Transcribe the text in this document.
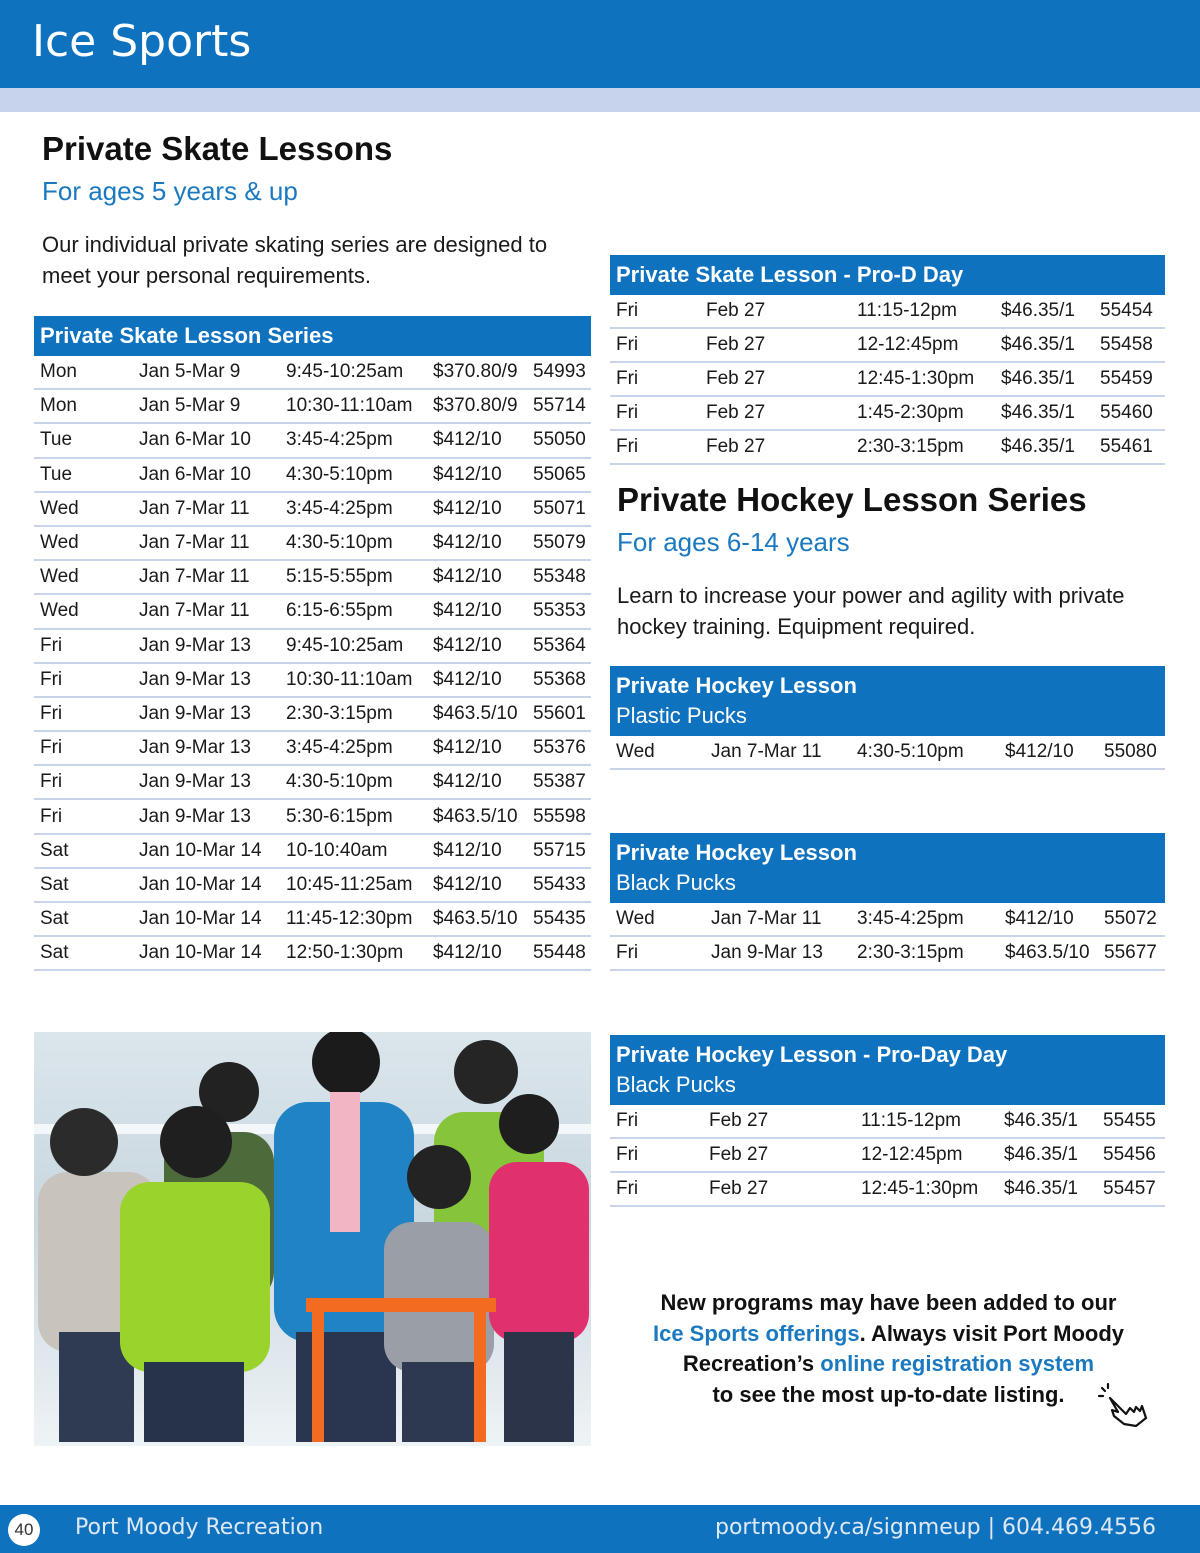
Ice Sports
Private Skate Lessons
For ages 5 years & up
Our individual private skating series are designed to meet your personal requirements.
Private Skate Lesson Series
Mon	Jan 5-Mar 9 9:45-10:25am $370.80/9 54993
Mon	Jan 5-Mar 9 10:30-11:10am $370.80/9 55714
Tue	Jan 6-Mar 10 3:45-4:25pm $412/10 55050
Tue	Jan 6-Mar 10 4:30-5:10pm $412/10 55065
Wed	Jan 7-Mar 11 3:45-4:25pm $412/10 55071
Wed	Jan 7-Mar 11 4:30-5:10pm $412/10 55079
Wed	Jan 7-Mar 11 5:15-5:55pm $412/10 55348
Wed	Jan 7-Mar 11 6:15-6:55pm $412/10 55353
Fri	Jan 9-Mar 13 9:45-10:25am $412/10 55364
Fri	Jan 9-Mar 13 10:30-11:10am $412/10 55368
Fri	Jan 9-Mar 13 2:30-3:15pm $463.5/10 55601
Fri	Jan 9-Mar 13 3:45-4:25pm $412/10 55376
Fri	Jan 9-Mar 13 4:30-5:10pm $412/10 55387
Fri	Jan 9-Mar 13 5:30-6:15pm $463.5/10 55598
Sat	Jan 10-Mar 14 10-10:40am $412/10 55715
Sat	Jan 10-Mar 14 10:45-11:25am $412/10 55433
Sat	Jan 10-Mar 14 11:45-12:30pm $463.5/10 55435
Sat	Jan 10-Mar 14 12:50-1:30pm $412/10 55448
Private Skate Lesson - Pro-D Day
Fri	Feb 27	11:15-12pm $46.35/1 55454
Fri	Feb 27	12-12:45pm $46.35/1 55458
Fri	Feb 27	12:45-1:30pm $46.35/1 55459
Fri	Feb 27	1:45-2:30pm $46.35/1 55460
Fri	Feb 27	2:30-3:15pm $46.35/1 55461
Private Hockey Lesson Series
For ages 6-14 years
Learn to increase your power and agility with private hockey training. Equipment required.
Private Hockey Lesson
Plastic Pucks
Wed	Jan 7-Mar 11 4:30-5:10pm $412/10 55080
Private Hockey Lesson
Black Pucks
Wed	Jan 7-Mar 11 3:45-4:25pm $412/10 55072
Fri	Jan 9-Mar 13 2:30-3:15pm $463.5/10 55677
Private Hockey Lesson - Pro-Day Day
Black Pucks
Fri	Feb 27	11:15-12pm $46.35/1 55455
Fri	Feb 27	12-12:45pm $46.35/1 55456
Fri	Feb 27	12:45-1:30pm $46.35/1 55457
New programs may have been added to our
Ice Sports offerings. Always visit Port Moody
Recreation’s online registration system
to see the most up-to-date listing.
40 Port Moody Recreation	portmoody.ca/signmeup | 604.469.4556
